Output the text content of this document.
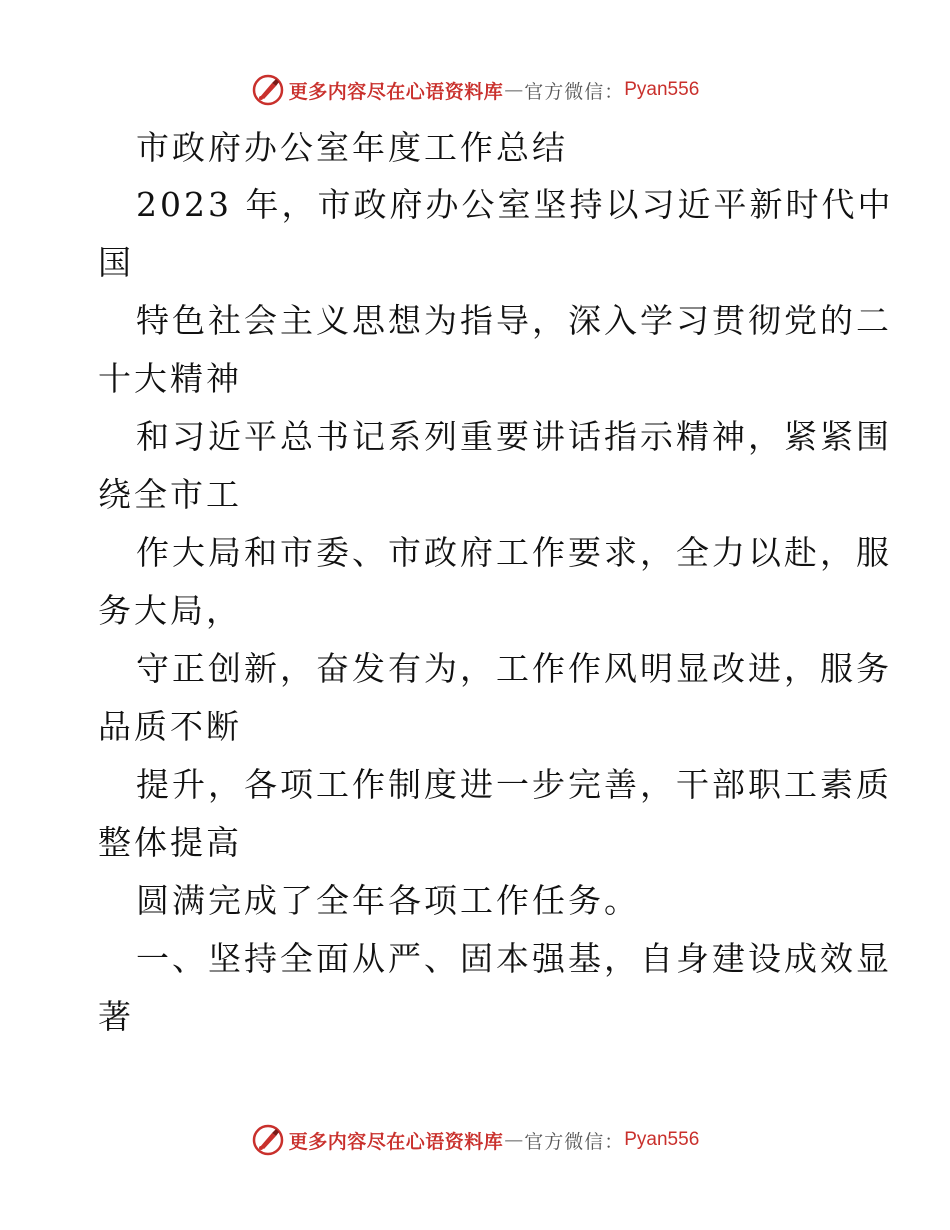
更多内容尽在心语资料库 — 官方微信： Pyan556
市政府办公室年度工作总结
2023 年，市政府办公室坚持以习近平新时代中
国
特色社会主义思想为指导，深入学习贯彻党的二
十大精神
和习近平总书记系列重要讲话指示精神，紧紧围
绕全市工
作大局和市委、市政府工作要求，全力以赴，服
务大局，
守正创新，奋发有为，工作作风明显改进，服务
品质不断
提升，各项工作制度进一步完善，干部职工素质
整体提高
圆满完成了全年各项工作任务。
一、坚持全面从严、固本强基，自身建设成效显
著
更多内容尽在心语资料库 — 官方微信： Pyan556
